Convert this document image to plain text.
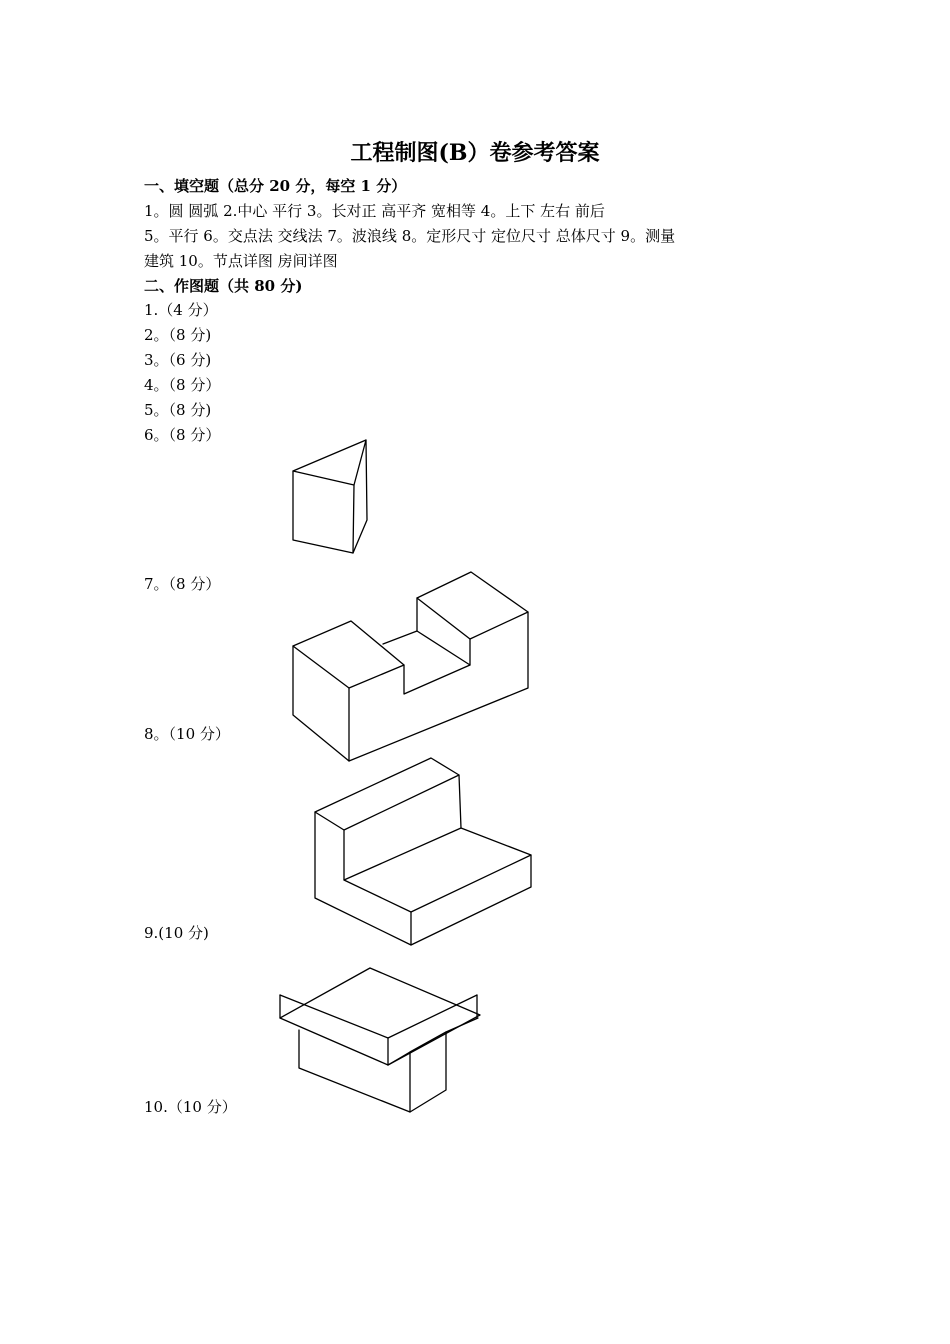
工程制图(B）卷参考答案
一、填空题（总分 20 分，每空 1 分）
1。圆 圆弧 2.中心 平行 3。长对正 高平齐 宽相等 4。上下 左右 前后
5。平行 6。交点法 交线法 7。波浪线 8。定形尺寸 定位尺寸 总体尺寸 9。测量
建筑 10。节点详图 房间详图
二、作图题（共 80 分)
1.（4 分）
2。（8 分)
3。（6 分)
4。（8 分）
5。（8 分)
6。（8 分）
7。（8 分）
8。（10 分）
9.(10 分)
10.（10 分）
